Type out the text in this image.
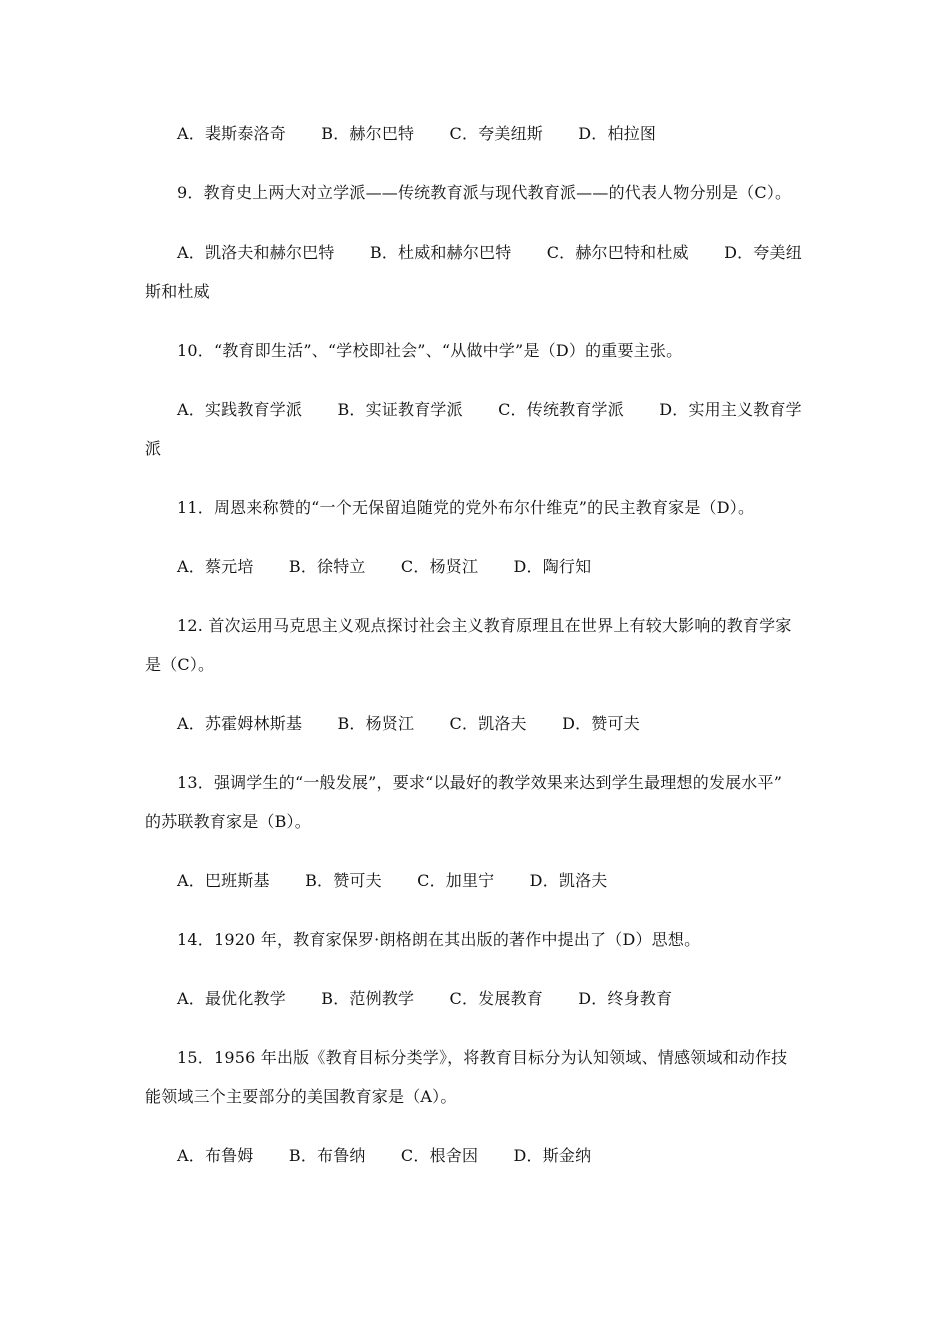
A．裴斯泰洛奇 B．赫尔巴特 C．夸美纽斯 D．柏拉图
9．教育史上两大对立学派——传统教育派与现代教育派——的代表人物分别是（C）。
A．凯洛夫和赫尔巴特 B．杜威和赫尔巴特 C．赫尔巴特和杜威 D．夸美纽
斯和杜威
10．“教育即生活”、“学校即社会”、“从做中学”是（D）的重要主张。
A．实践教育学派 B．实证教育学派 C．传统教育学派 D．实用主义教育学
派
11．周恩来称赞的“一个无保留追随党的党外布尔什维克”的民主教育家是（D）。
A．蔡元培 B．徐特立 C．杨贤江 D．陶行知
12. 首次运用马克思主义观点探讨社会主义教育原理且在世界上有较大影响的教育学家
是（C）。
A．苏霍姆林斯基 B．杨贤江 C．凯洛夫 D．赞可夫
13．强调学生的“一般发展”，要求“以最好的教学效果来达到学生最理想的发展水平”
的苏联教育家是（B）。
A．巴班斯基 B．赞可夫 C．加里宁 D．凯洛夫
14．1920 年，教育家保罗·朗格朗在其出版的著作中提出了（D）思想。
A．最优化教学 B．范例教学 C．发展教育 D．终身教育
15．1956 年出版《教育目标分类学》，将教育目标分为认知领域、情感领域和动作技
能领域三个主要部分的美国教育家是（A）。
A．布鲁姆 B．布鲁纳 C．根舍因 D．斯金纳
